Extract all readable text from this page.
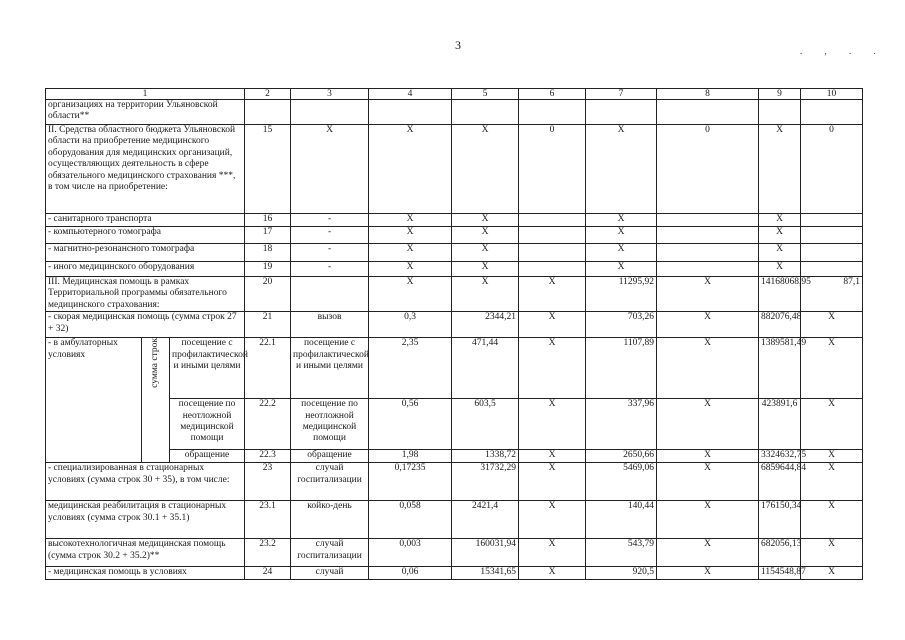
3	. , . .
1			2	3	4	5	6	7	8	9	10
организациях на территории Ульяновской области**											
II. Средства областного бюджета Ульяновской области на приобретение медицинского оборудования для медицинских организаций, осуществляющих деятельность в сфере обязательного медицинского страхования ***, в том числе на приобретение:			15	X	X	X	0	X	0	X	0
- санитарного транспорта			16	-	X	X		X		X	
- компьютерного томографа			17	-	X	X		X		X	
- магнитно-резонансного томографа			18	-	X	X		X		X	
- иного медицинского оборудования			19	-	X	X		X		X	
III. Медицинская помощь в рамках Территориальной программы обязательного медицинского страхования:			20		X	X	X	11295,92	X	14168068,95	87,1
- скорая медицинская помощь (сумма строк 27 + 32)			21	вызов	0,3	2344,21	X	703,26	X	882076,48	X
- в амбулаторных условиях	сумма строк	посещение с профилактической и иными целями	22.1	посещение с профилактической и иными целями	2,35	471,44	X	1107,89	X	1389581,49	X
		посещение по неотложной медицинской помощи	22.2	посещение по неотложной медицинской помощи	0,56	603,5	X	337,96	X	423891,6	X
		обращение	22.3	обращение	1,98	1338,72	X	2650,66	X	3324632,75	X
- специализированная в стационарных условиях (сумма строк 30 + 35), в том числе:			23	случай госпитализации	0,17235	31732,29	X	5469,06	X	6859644,84	X
медицинская реабилитация в стационарных условиях (сумма строк 30.1 + 35.1)			23.1	койко-день	0,058	2421,4	X	140,44	X	176150,34	X
высокотехнологичная медицинская помощь (сумма строк 30.2 + 35.2)**			23.2	случай госпитализации	0,003	160031,94	X	543,79	X	682056,13	X
- медицинская помощь в условиях			24	случай	0,06	15341,65	X	920,5	X	1154548,87	X
